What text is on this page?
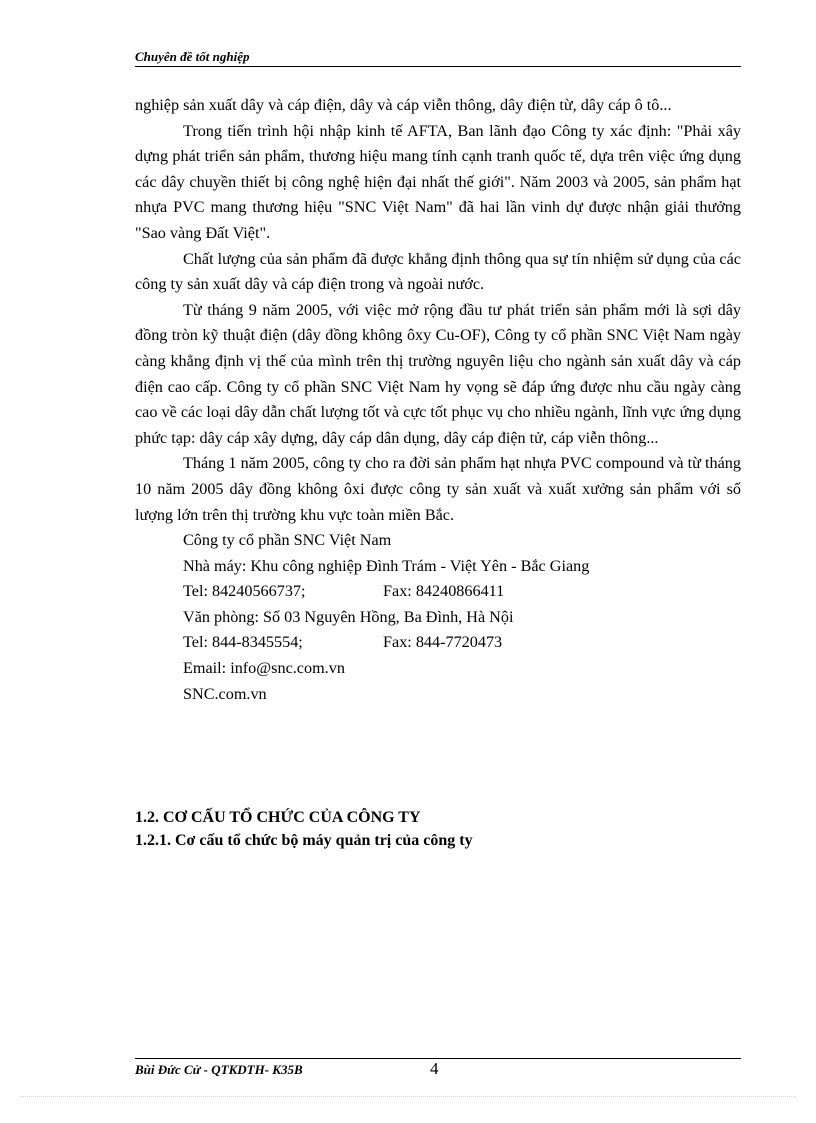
Chuyên đề tốt nghiệp

nghiệp sản xuất dây và cáp điện, dây và cáp viễn thông, dây điện từ, dây cáp ô tô...

Trong tiến trình hội nhập kinh tế AFTA, Ban lãnh đạo Công ty xác định: "Phải xây dựng phát triển sản phẩm, thương hiệu mang tính cạnh tranh quốc tế, dựa trên việc ứng dụng các dây chuyền thiết bị công nghệ hiện đại nhất thế giới". Năm 2003 và 2005, sản phẩm hạt nhựa PVC mang thương hiệu "SNC Việt Nam" đã hai lần vinh dự được nhận giải thưởng "Sao vàng Đất Việt".

Chất lượng của sản phẩm đã được khẳng định thông qua sự tín nhiệm sử dụng của các công ty sản xuất dây và cáp điện trong và ngoài nước.

Từ tháng 9 năm 2005, với việc mở rộng đầu tư phát triển sản phẩm mới là sợi dây đồng tròn kỹ thuật điện (dây đồng không ôxy Cu-OF), Công ty cổ phần SNC Việt Nam ngày càng khẳng định vị thế của mình trên thị trường nguyên liệu cho ngành sản xuất dây và cáp điện cao cấp. Công ty cổ phần SNC Việt Nam hy vọng sẽ đáp ứng được nhu cầu ngày càng cao về các loại dây dẫn chất lượng tốt và cực tốt phục vụ cho nhiều ngành, lĩnh vực ứng dụng phức tạp: dây cáp xây dựng, dây cáp dân dụng, dây cáp điện tử, cáp viễn thông...

Tháng 1 năm 2005, công ty cho ra đời sản phẩm hạt nhựa PVC compound và từ tháng 10 năm 2005 dây đồng không ôxi được công ty sản xuất và xuất xưởng sản phẩm với số lượng lớn trên thị trường khu vực toàn miền Bắc.

Công ty cổ phần SNC Việt Nam

Nhà máy: Khu công nghiệp Đình Trám - Việt Yên - Bắc Giang

Tel: 84240566737;	Fax: 84240866411

Văn phòng: Số 03 Nguyên Hồng, Ba Đình, Hà Nội

Tel: 844-8345554;	Fax: 844-7720473

Email: info@snc.com.vn

SNC.com.vn

1.2. CƠ CẤU TỔ CHỨC CỦA CÔNG TY
1.2.1. Cơ cấu tổ chức bộ máy quản trị của công ty
Bùi Đức Cử - QTKDTH- K35B	4
